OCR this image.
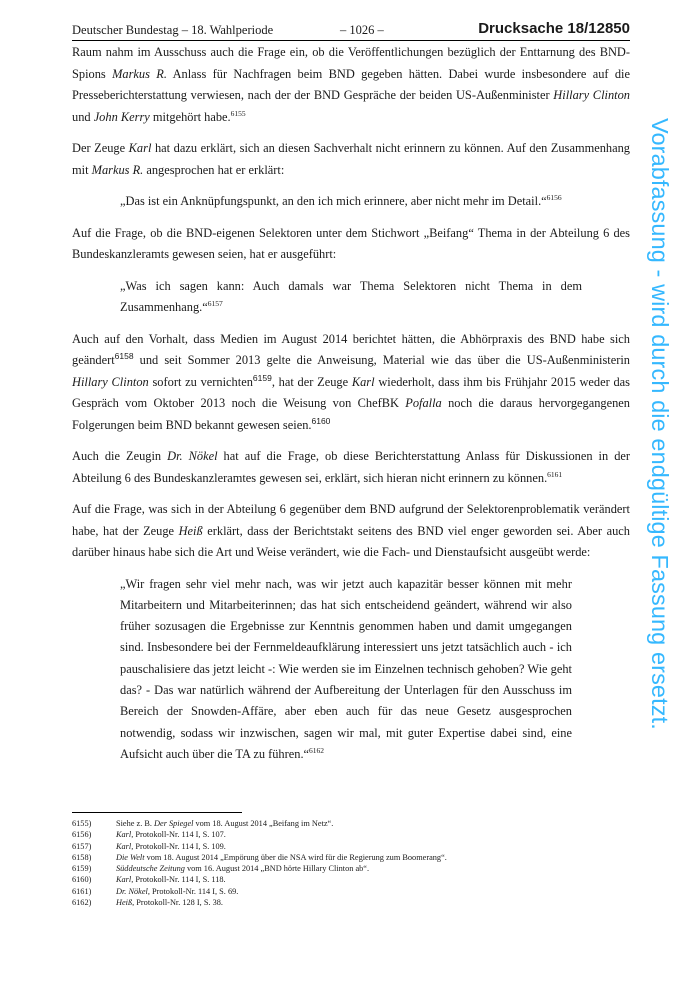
Deutscher Bundestag – 18. Wahlperiode	– 1026 –	Drucksache 18/12850

Raum nahm im Ausschuss auch die Frage ein, ob die Veröffentlichungen bezüglich der Enttarnung des BND-Spions Markus R. Anlass für Nachfragen beim BND gegeben hätten. Dabei wurde insbesondere auf die Presseberichterstattung verwiesen, nach der der BND Gespräche der beiden US-Außenminister Hillary Clinton und John Kerry mitgehört habe.$^{6155}$

Der Zeuge Karl hat dazu erklärt, sich an diesen Sachverhalt nicht erinnern zu können. Auf den Zusammenhang mit Markus R. angesprochen hat er erklärt:

„Das ist ein Anknüpfungspunkt, an den ich mich erinnere, aber nicht mehr im Detail.“$^{6156}$

Auf die Frage, ob die BND-eigenen Selektoren unter dem Stichwort „Beifang“ Thema in der Abteilung 6 des Bundeskanzleramts gewesen seien, hat er ausgeführt:

„Was ich sagen kann: Auch damals war Thema Selektoren nicht Thema in dem Zusammenhang.“$^{6157}$

Auch auf den Vorhalt, dass Medien im August 2014 berichtet hätten, die Abhörpraxis des BND habe sich geändert$^{6158}$ und seit Sommer 2013 gelte die Anweisung, Material wie das über die US-Außenministerin Hillary Clinton sofort zu vernichten$^{6159}$, hat der Zeuge Karl wiederholt, dass ihm bis Frühjahr 2015 weder das Gespräch vom Oktober 2013 noch die Weisung von ChefBK Pofalla noch die daraus hervorgegangenen Folgerungen beim BND bekannt gewesen seien.$^{6160}$

Auch die Zeugin Dr. Nökel hat auf die Frage, ob diese Berichterstattung Anlass für Diskussionen in der Abteilung 6 des Bundeskanzleramtes gewesen sei, erklärt, sich hieran nicht erinnern zu können.$^{6161}$

Auf die Frage, was sich in der Abteilung 6 gegenüber dem BND aufgrund der Selektorenproblematik verändert habe, hat der Zeuge Heiß erklärt, dass der Berichtstakt seitens des BND viel enger geworden sei. Aber auch darüber hinaus habe sich die Art und Weise verändert, wie die Fach- und Dienstaufsicht ausgeübt werde:

„Wir fragen sehr viel mehr nach, was wir jetzt auch kapazitär besser können mit mehr Mitarbeitern und Mitarbeiterinnen; das hat sich entscheidend geändert, während wir also früher sozusagen die Ergebnisse zur Kenntnis genommen haben und damit umgegangen sind. Insbesondere bei der Fernmeldeaufklärung interessiert uns jetzt tatsächlich auch - ich pauschalisiere das jetzt leicht -: Wie werden sie im Einzelnen technisch gehoben? Wie geht das? - Das war natürlich während der Aufbereitung der Unterlagen für den Ausschuss im Bereich der Snowden-Affäre, aber eben auch für das neue Gesetz ausgesprochen notwendig, sodass wir inzwischen, sagen wir mal, mit guter Expertise dabei sind, eine Aufsicht auch über die TA zu führen.“$^{6162}$

6155)	Siehe z. B. Der Spiegel vom 18. August 2014 „Beifang im Netz“.
6156)	Karl, Protokoll-Nr. 114 I, S. 107.
6157)	Karl, Protokoll-Nr. 114 I, S. 109.
6158)	Die Welt vom 18. August 2014 „Empörung über die NSA wird für die Regierung zum Boomerang“.
6159)	Süddeutsche Zeitung vom 16. August 2014 „BND hörte Hillary Clinton ab“.
6160)	Karl, Protokoll-Nr. 114 I, S. 118.
6161)	Dr. Nökel, Protokoll-Nr. 114 I, S. 69.
6162)	Heiß, Protokoll-Nr. 128 I, S. 38.
Vorabfassung - wird durch die endgültige Fassung ersetzt.
